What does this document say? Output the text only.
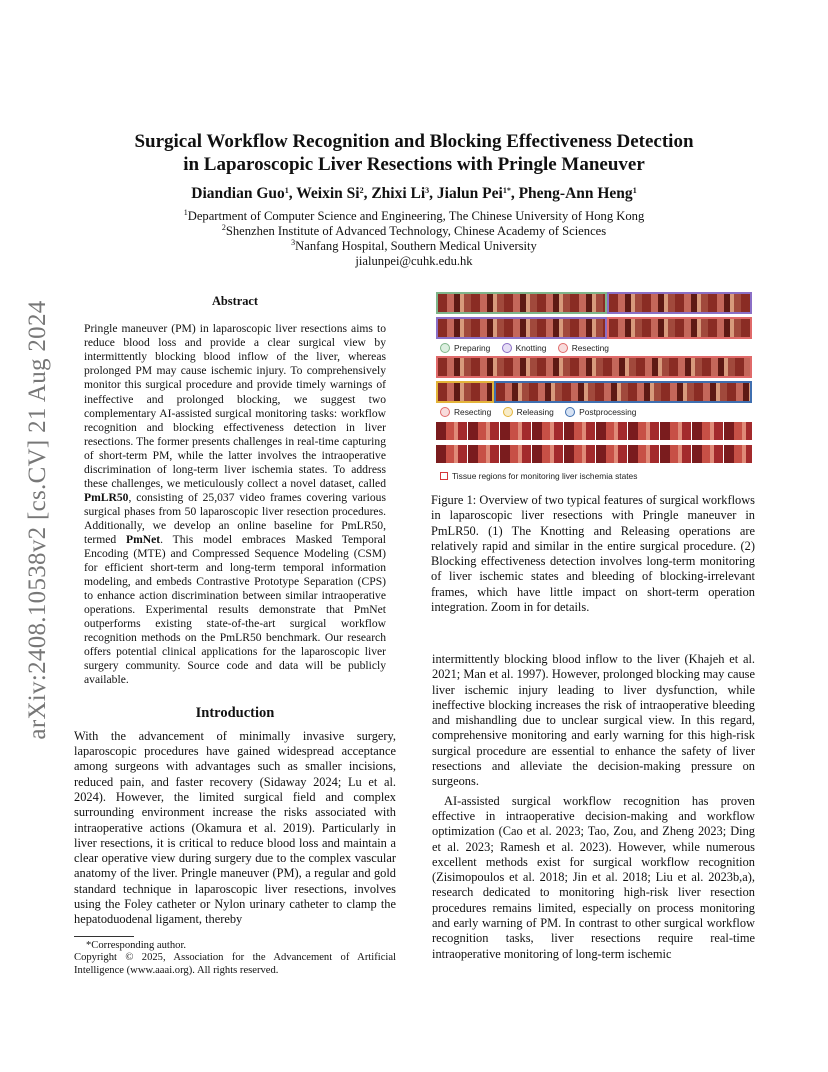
arXiv:2408.10538v2 [cs.CV] 21 Aug 2024
Surgical Workflow Recognition and Blocking Effectiveness Detection
in Laparoscopic Liver Resections with Pringle Maneuver
Diandian Guo$^1$, Weixin Si$^2$, Zhixi Li$^3$, Jialun Pei$^{1*}$, Pheng-Ann Heng$^1$
$^1$Department of Computer Science and Engineering, The Chinese University of Hong Kong
$^2$Shenzhen Institute of Advanced Technology, Chinese Academy of Sciences
$^3$Nanfang Hospital, Southern Medical University
jialunpei@cuhk.edu.hk
Abstract
Pringle maneuver (PM) in laparoscopic liver resections aims to reduce blood loss and provide a clear surgical view by intermittently blocking blood inflow of the liver, whereas prolonged PM may cause ischemic injury. To comprehensively monitor this surgical procedure and provide timely warnings of ineffective and prolonged blocking, we suggest two complementary AI-assisted surgical monitoring tasks: workflow recognition and blocking effectiveness detection in liver resections. The former presents challenges in real-time capturing of short-term PM, while the latter involves the intraoperative discrimination of long-term liver ischemia states. To address these challenges, we meticulously collect a novel dataset, called PmLR50, consisting of 25,037 video frames covering various surgical phases from 50 laparoscopic liver resection procedures. Additionally, we develop an online baseline for PmLR50, termed PmNet. This model embraces Masked Temporal Encoding (MTE) and Compressed Sequence Modeling (CSM) for efficient short-term and long-term temporal information modeling, and embeds Contrastive Prototype Separation (CPS) to enhance action discrimination between similar intraoperative operations. Experimental results demonstrate that PmNet outperforms existing state-of-the-art surgical workflow recognition methods on the PmLR50 benchmark. Our research offers potential clinical applications for the laparoscopic liver surgery community. Source code and data will be publicly available.
Introduction

With the advancement of minimally invasive surgery, laparoscopic procedures have gained widespread acceptance among surgeons with advantages such as smaller incisions, reduced pain, and faster recovery (Sidaway 2024; Lu et al. 2024). However, the limited surgical field and complex surrounding environment increase the risks associated with intraoperative actions (Okamura et al. 2019). Particularly in liver resections, it is critical to reduce blood loss and maintain a clear operative view during surgery due to the complex vascular anatomy of the liver. Pringle maneuver (PM), a regular and gold standard technique in laparoscopic liver resections, involves using the Foley catheter or Nylon urinary catheter to clamp the hepatoduodenal ligament, thereby

*Corresponding author.

Copyright © 2025, Association for the Advancement of Artificial Intelligence (www.aaai.org). All rights reserved.

Preparing
	Knotting
	Resecting
Resecting
	Releasing
	Postprocessing
Tissue regions for monitoring liver ischemia states
Figure 1: Overview of two typical features of surgical workflows in laparoscopic liver resections with Pringle maneuver in PmLR50. (1) The Knotting and Releasing operations are relatively rapid and similar in the entire surgical procedure. (2) Blocking effectiveness detection involves long-term monitoring of liver ischemic states and bleeding of blocking-irrelevant frames, which have little impact on short-term operation integration. Zoom in for details.

intermittently blocking blood inflow to the liver (Khajeh et al. 2021; Man et al. 1997). However, prolonged blocking may cause liver ischemic injury leading to liver dysfunction, while ineffective blocking increases the risk of intraoperative bleeding and mishandling due to unclear surgical view. In this regard, comprehensive monitoring and early warning for this high-risk surgical procedure are essential to enhance the safety of liver resections and alleviate the decision-making pressure on surgeons.

AI-assisted surgical workflow recognition has proven effective in intraoperative decision-making and workflow optimization (Cao et al. 2023; Tao, Zou, and Zheng 2023; Ding et al. 2023; Ramesh et al. 2023). However, while numerous excellent methods exist for surgical workflow recognition (Zisimopoulos et al. 2018; Jin et al. 2018; Liu et al. 2023b,a), research dedicated to monitoring high-risk liver resection procedures remains limited, especially on process monitoring and early warning of PM. In contrast to other surgical workflow recognition tasks, liver resections require real-time intraoperative monitoring of long-term ischemic
